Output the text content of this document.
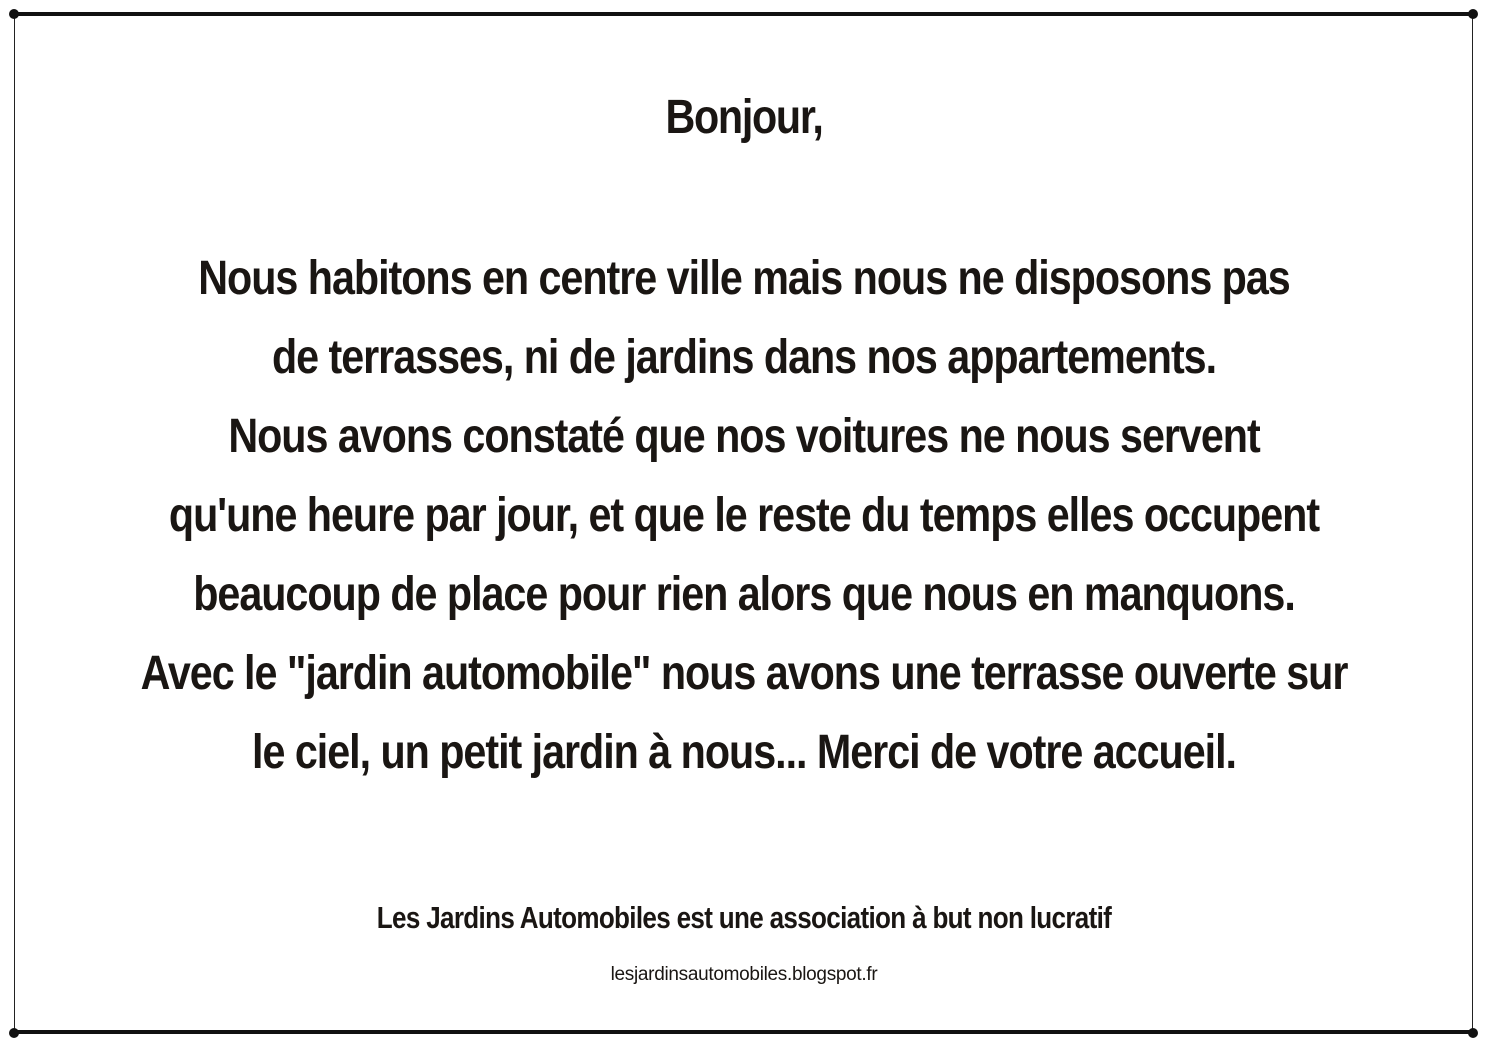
Bonjour,
Nous habitons en centre ville mais nous ne disposons pas
de terrasses, ni de jardins dans nos appartements.
Nous avons constaté que nos voitures ne nous servent
qu'une heure par jour, et que le reste du temps elles occupent
beaucoup de place pour rien alors que nous en manquons.
Avec le "jardin automobile" nous avons une terrasse ouverte sur
le ciel, un petit jardin à nous... Merci de votre accueil.
Les Jardins Automobiles est une association à but non lucratif
lesjardinsautomobiles.blogspot.fr
